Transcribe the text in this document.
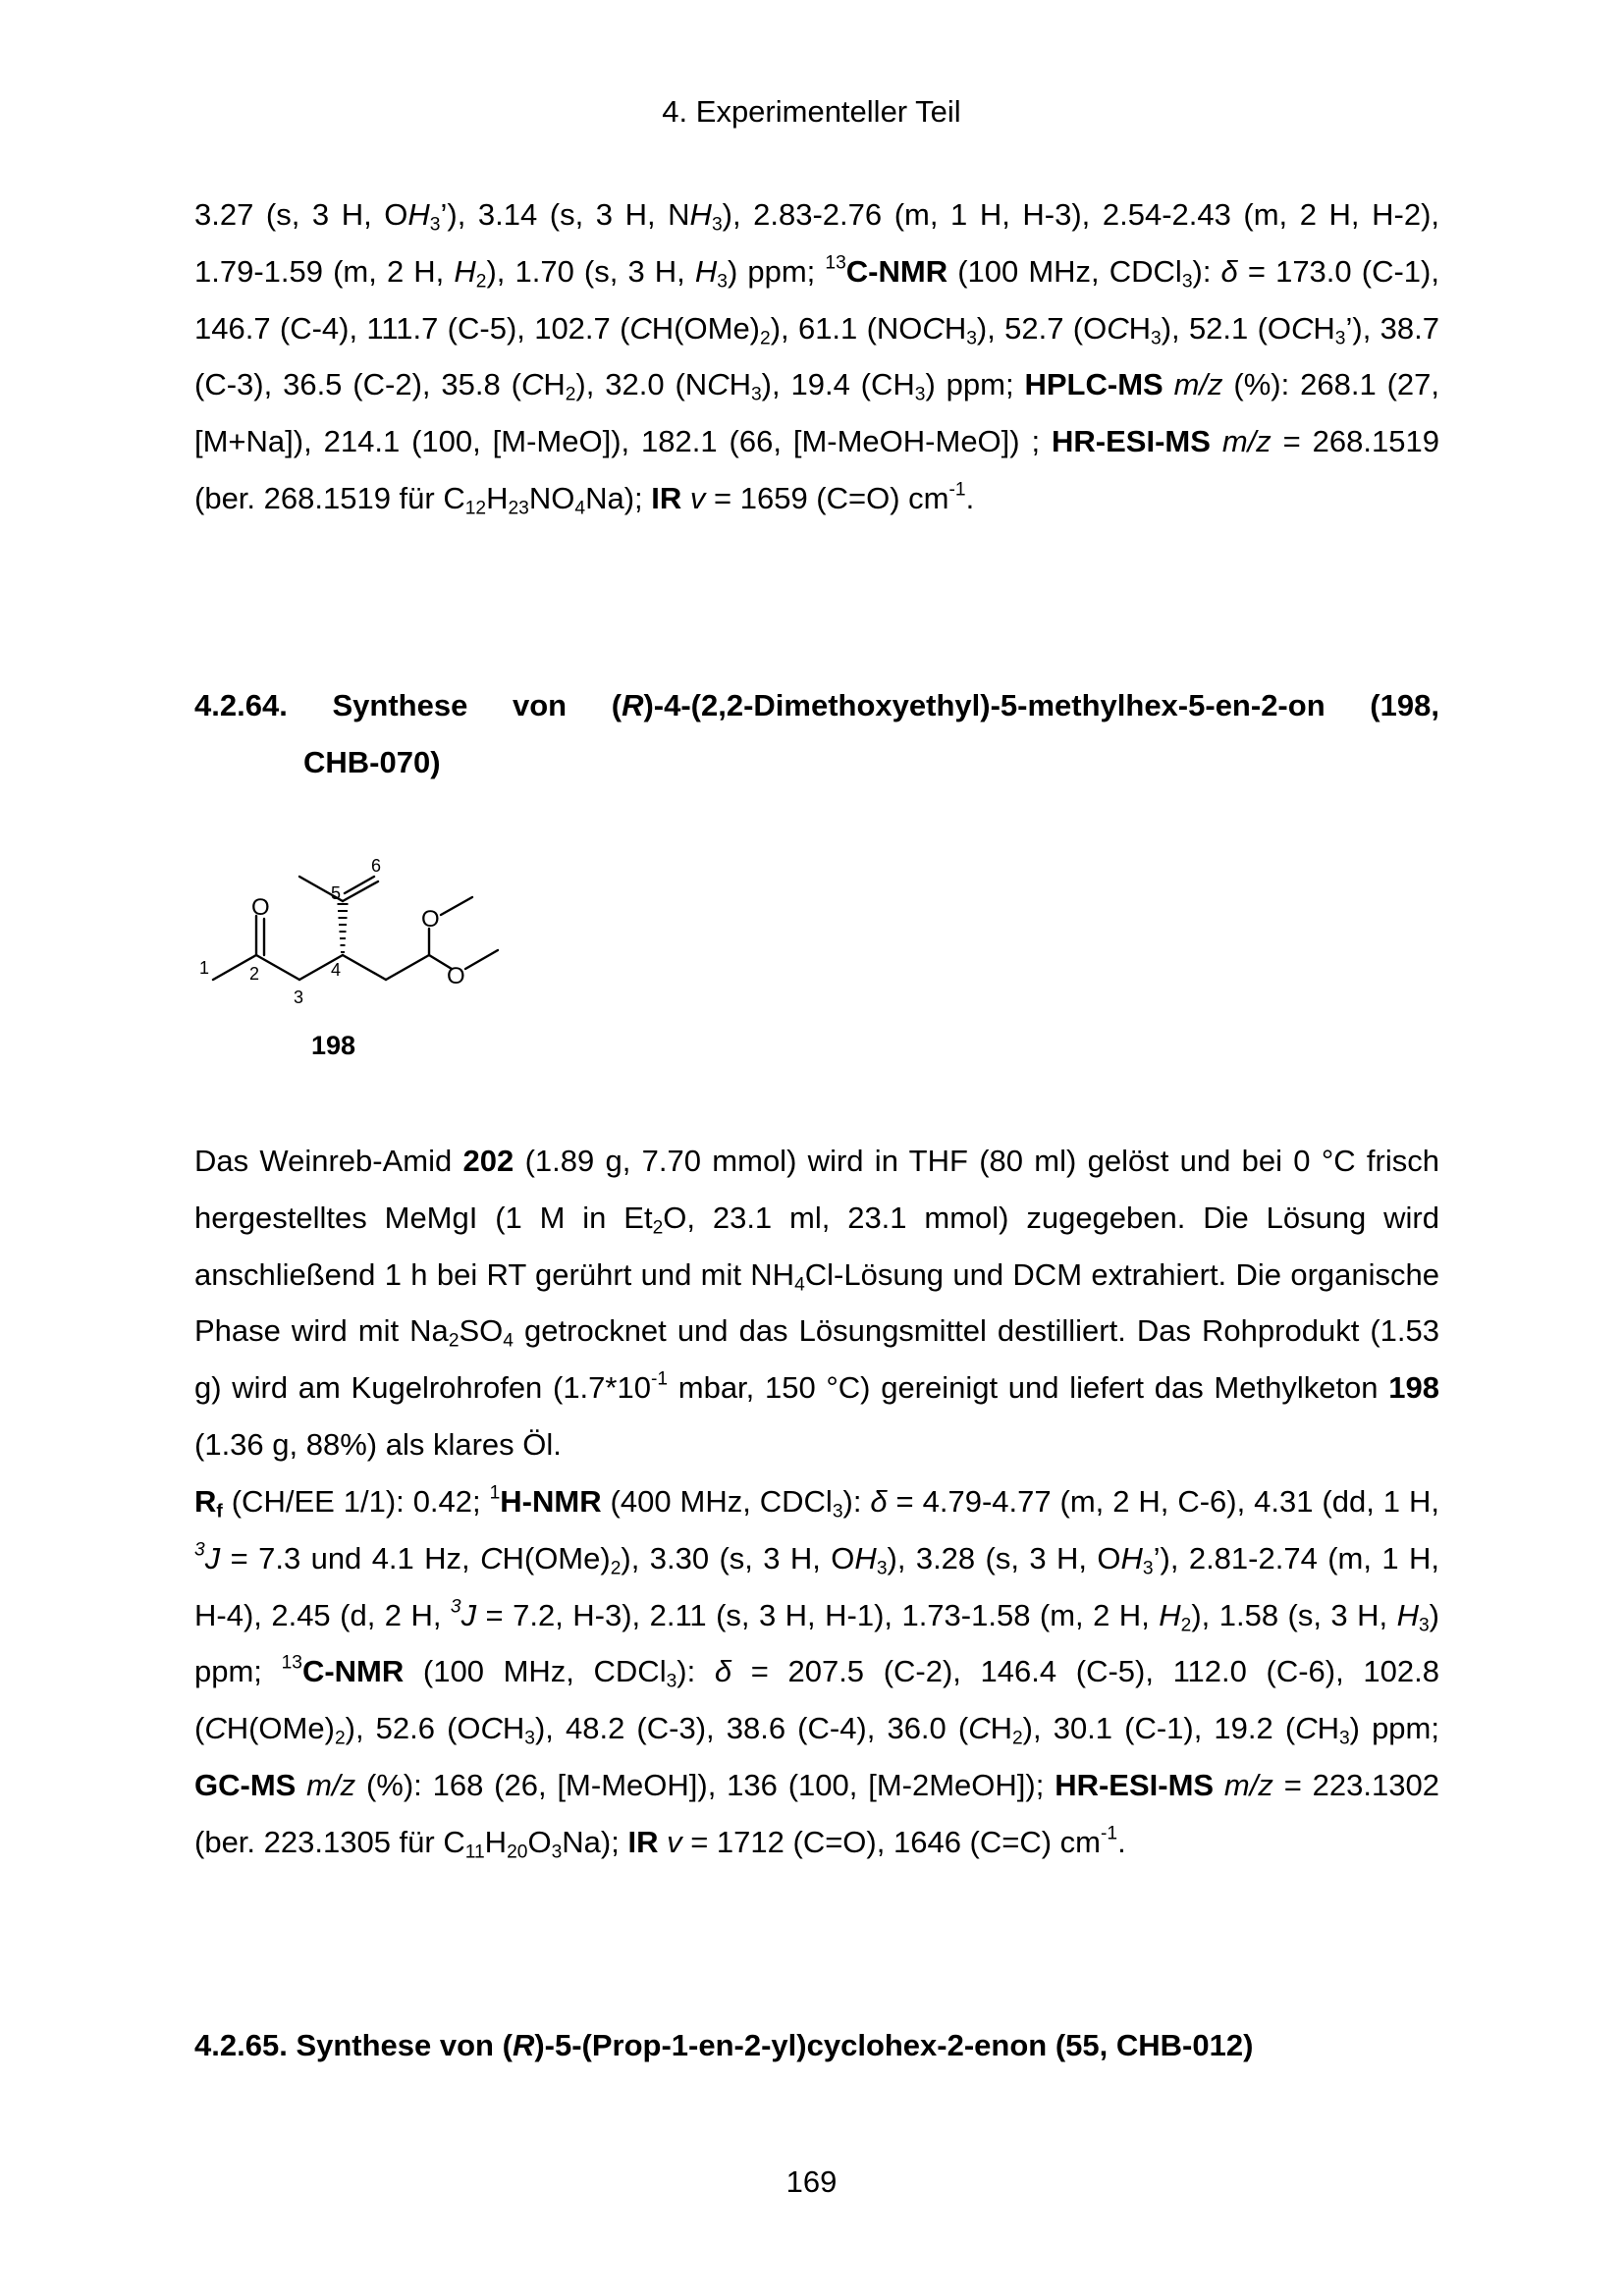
4. Experimenteller Teil

3.27 (s, 3 H, $OH_3$’), 3.14 (s, 3 H, $NH_3$), 2.83-2.76 (m, 1 H, H-3), 2.54-2.43 (m, 2 H, H-2), 1.79-1.59 (m, 2 H, $H_2$), 1.70 (s, 3 H, $H_3$) ppm; $^{13}$C-NMR (100 MHz, CDCl$_3$): δ = 173.0 (C-1), 146.7 (C-4), 111.7 (C-5), 102.7 $(CH(OMe)_2)$, 61.1 $(NOCH_3)$, 52.7 $(OCH_3)$, 52.1 $(OCH_3’)$, 38.7 (C-3), 36.5 (C-2), 35.8 $(CH_2)$, 32.0 $(NCH_3)$, 19.4 $(CH_3)$ ppm; HPLC-MS m/z (%): 268.1 (27, [M+Na]), 214.1 (100, [M-MeO]), 182.1 (66, [M-MeOH-MeO]) ; HR-ESI-MS m/z = 268.1519 (ber. 268.1519 für $C_{12}H_{23}NO_4Na$); IR v = 1659 (C=O) $cm^{-1}$.

4.2.64. Synthese von (R)-4-(2,2-Dimethoxyethyl)-5-methylhex-5-en-2-on (198,
CHB-070)
O	O
O
1 2
3
4
5
6
198

Das Weinreb-Amid 202 (1.89 g, 7.70 mmol) wird in THF (80 ml) gelöst und bei 0 °C frisch hergestelltes MeMgI (1 M in $Et_2O$, 23.1 ml, 23.1 mmol) zugegeben. Die Lösung wird anschließend 1 h bei RT gerührt und mit $NH_4Cl$-Lösung und DCM extrahiert. Die organische Phase wird mit $Na_2SO_4$ getrocknet und das Lösungsmittel destilliert. Das Rohprodukt (1.53 g) wird am Kugelrohrofen ($1.7*10^{-1}$ mbar, 150 °C) gereinigt und liefert das Methylketon 198 (1.36 g, 88%) als klares Öl.

$R_f$ (CH/EE 1/1): 0.42; $^1$H-NMR (400 MHz, CDCl$_3$): δ = 4.79-4.77 (m, 2 H, C-6), 4.31 (dd, 1 H, $^3$J = 7.3 und 4.1 Hz, $CH(OMe)_2$), 3.30 (s, 3 H, $OH_3$), 3.28 (s, 3 H, $OH_3$’), 2.81-2.74 (m, 1 H, H-4), 2.45 (d, 2 H, $^3$J = 7.2, H-3), 2.11 (s, 3 H, H-1), 1.73-1.58 (m, 2 H, $H_2$), 1.58 (s, 3 H, $H_3$) ppm; $^{13}$C-NMR (100 MHz, CDCl$_3$): δ = 207.5 (C-2), 146.4 (C-5), 112.0 (C-6), 102.8 $(CH(OMe)_2)$, 52.6 $(OCH_3)$, 48.2 (C-3), 38.6 (C-4), 36.0 $(CH_2)$, 30.1 (C-1), 19.2 $(CH_3)$ ppm; GC-MS m/z (%): 168 (26, [M-MeOH]), 136 (100, [M-2MeOH]); HR-ESI-MS m/z = 223.1302 (ber. 223.1305 für $C_{11}H_{20}O_3Na$); IR v = 1712 (C=O), 1646 (C=C) $cm^{-1}$.

4.2.65. Synthese von (R)-5-(Prop-1-en-2-yl)cyclohex-2-enon (55, CHB-012)
169
